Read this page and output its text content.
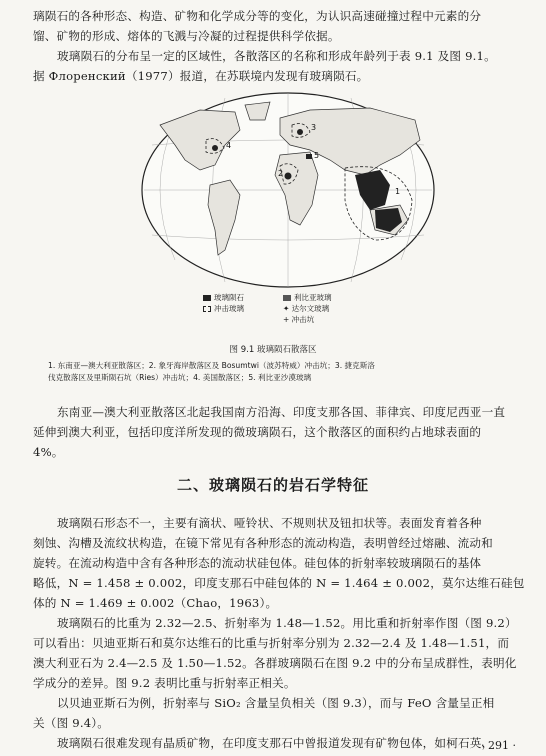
璃陨石的各种形态、构造、矿物和化学成分等的变化，为认识高速碰撞过程中元素的分
馏、矿物的形成、熔体的飞溅与冷凝的过程提供科学依据。
玻璃陨石的分布呈一定的区域性，各散落区的名称和形成年龄列于表 9.1 及图 9.1。
据 Флоренский（1977）报道，在苏联境内发现有玻璃陨石。
1
2
3
4
5
玻璃陨石
冲击玻璃
利比亚玻璃
✦ 达尔文玻璃
+ 冲击坑
图 9.1 玻璃陨石散落区
1. 东南亚—澳大利亚散落区；2. 象牙海岸散落区及 Bosumtwi（波苏特威）冲击坑；3. 捷克斯洛
伐克散落区及里斯陨石坑（Ries）冲击坑；4. 美国散落区；5. 利比亚沙漠玻璃
东南亚—澳大利亚散落区北起我国南方沿海、印度支那各国、菲律宾、印度尼西亚一直
延伸到澳大利亚，包括印度洋所发现的微玻璃陨石，这个散落区的面积约占地球表面的
4%。
二、玻璃陨石的岩石学特征
玻璃陨石形态不一，主要有滴状、哑铃状、不规则状及钮扣状等。表面发育着各种
刻蚀、沟槽及流纹状构造，在镜下常见有各种形态的流动构造，表明曾经过熔融、流动和
旋转。在流动构造中含有各种形态的流动状硅包体。硅包体的折射率较玻璃陨石的基体
略低，N = 1.458 ± 0.002，印度支那石中硅包体的 N = 1.464 ± 0.002，莫尔达维石硅包
体的 N = 1.469 ± 0.002（Chao，1963）。
玻璃陨石的比重为 2.32—2.5、折射率为 1.48—1.52。用比重和折射率作图（图 9.2）
可以看出：贝迪亚斯石和莫尔达维石的比重与折射率分别为 2.32—2.4 及 1.48—1.51，而
澳大利亚石为 2.4—2.5 及 1.50—1.52。各群玻璃陨石在图 9.2 中的分布呈成群性，表明化
学成分的差异。图 9.2 表明比重与折射率正相关。
以贝迪亚斯石为例，折射率与 SiO₂ 含量呈负相关（图 9.3），而与 FeO 含量呈正相
关（图 9.4）。
玻璃陨石很难发现有晶质矿物，在印度支那石中曾报道发现有矿物包体，如柯石英，
· 291 ·
